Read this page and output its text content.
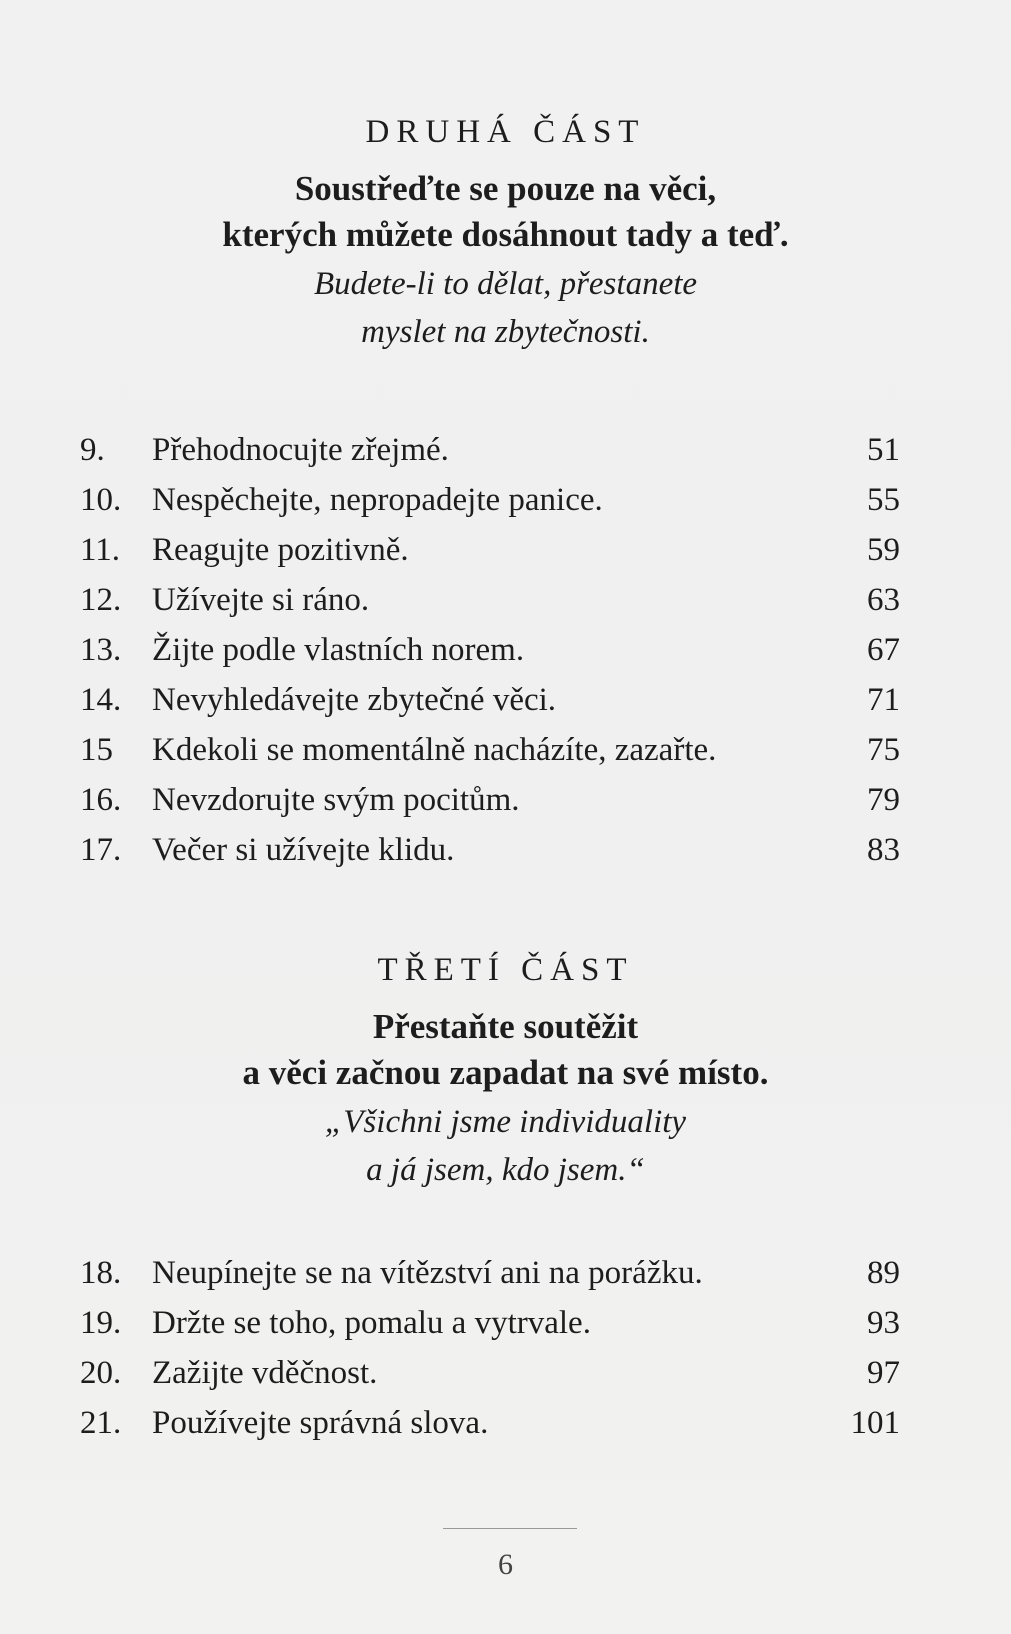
DRUHÁ ČÁST
Soustřeďte se pouze na věci,
kterých můžete dosáhnout tady a teď.
Budete-li to dělat, přestanete
myslet na zbytečnosti.
9. Přehodnocujte zřejmé.	51
10. Nespěchejte, nepropadejte panice.	55
11. Reagujte pozitivně.	59
12. Užívejte si ráno.	63
13. Žijte podle vlastních norem.	67
14. Nevyhledávejte zbytečné věci.	71
15 Kdekoli se momentálně nacházíte, zazařte.	75
16. Nevzdorujte svým pocitům.	79
17. Večer si užívejte klidu.	83
TŘETÍ ČÁST
Přestaňte soutěžit
a věci začnou zapadat na své místo.
„Všichni jsme individuality
a já jsem, kdo jsem.“
18. Neupínejte se na vítězství ani na porážku.	89
19. Držte se toho, pomalu a vytrvale.	93
20. Zažijte vděčnost.	97
21. Používejte správná slova.	101
6
